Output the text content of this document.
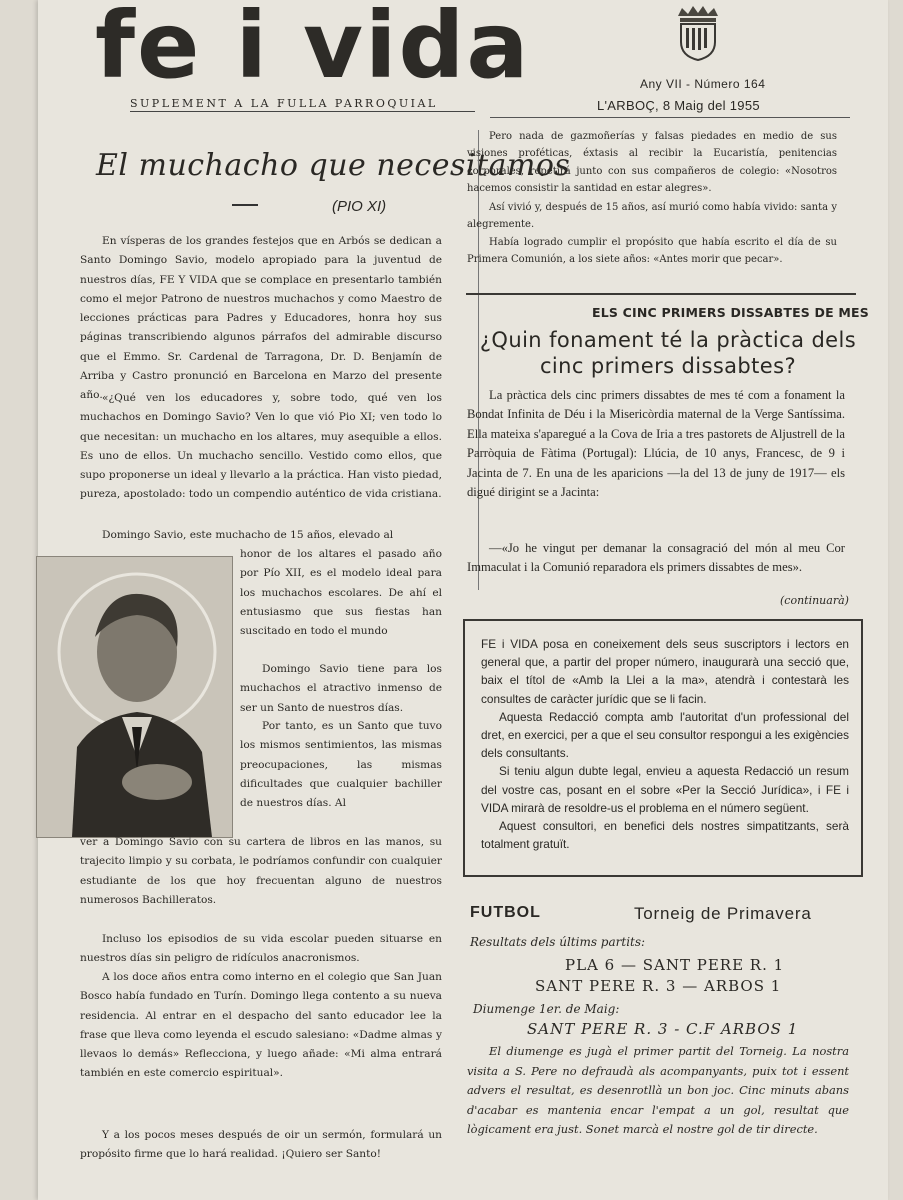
fe i vida
SUPLEMENT A LA FULLA PARROQUIAL
Any VII - Número 164
L'ARBOÇ, 8 Maig del 1955
El muchacho que necesitamos
(PIO XI)

En vísperas de los grandes festejos que en Arbós se dedican a Santo Domingo Savio, modelo apropiado para la juventud de nuestros días, FE Y VIDA que se complace en presentarlo también como el mejor Patrono de nuestros muchachos y como Maestro de lecciones prácticas para Padres y Educadores, honra hoy sus páginas transcribiendo algunos párrafos del admirable discurso que el Emmo. Sr. Cardenal de Tarragona, Dr. D. Benjamín de Arriba y Castro pronunció en Barcelona en Marzo del presente año. «¿Qué ven los educadores y, sobre todo, qué ven los muchachos en Domingo Savio? Ven lo que vió Pio XI; ven todo lo que necesitan: un muchacho en los altares, muy asequible a ellos. Es uno de ellos. Un muchacho sencillo. Vestido como ellos, que supo proponerse un ideal y llevarlo a la práctica. Han visto piedad, pureza, apostolado: todo un compendio auténtico de vida cristiana.

Domingo Savio, este muchacho de 15 años, elevado al

honor de los altares el pasado año por Pío XII, es el modelo ideal para los muchachos escolares. De ahí el entusiasmo que sus fiestas han suscitado en todo el mundo

Domingo Savio tiene para los muchachos el atractivo inmenso de ser un Santo de nuestros días.

Por tanto, es un Santo que tuvo los mismos sentimientos, las mismas preocupaciones, las mismas dificultades que cualquier bachiller de nuestros días. Al

ver a Domingo Savio con su cartera de libros en las manos, su trajecito limpio y su corbata, le podríamos confundir con cualquier estudiante de los que hoy frecuentan alguno de nuestros numerosos Bachilleratos.

Incluso los episodios de su vida escolar pueden situarse en nuestros días sin peligro de ridículos anacronismos.

A los doce años entra como interno en el colegio que San Juan Bosco había fundado en Turín. Domingo llega contento a su nueva residencia. Al entrar en el despacho del santo educador lee la frase que lleva como leyenda el escudo salesiano: «Dadme almas y llevaos lo demás» Reflecciona, y luego añade: «Mi alma entrará también en este comercio espiritual».

Y a los pocos meses después de oir un sermón, formulará un propósito firme que lo hará realidad. ¡Quiero ser Santo!

Pero nada de gazmoñerías y falsas piedades en medio de sus visiones proféticas, éxtasis al recibir la Eucaristía, penitencias corporales, repetirá junto con sus compañeros de colegio: «Nosotros hacemos consistir la santidad en estar alegres».

Así vivió y, después de 15 años, así murió como había vivido: santa y alegremente.

Había logrado cumplir el propósito que había escrito el día de su Primera Comunión, a los siete años: «Antes morir que pecar».

ELS CINC PRIMERS DISSABTES DE MES
¿Quin fonament té la pràctica dels cinc primers dissabtes?

La pràctica dels cinc primers dissabtes de mes té com a fonament la Bondat Infinita de Déu i la Misericòrdia maternal de la Verge Santíssima. Ella mateixa s'aparegué a la Cova de Iria a tres pastorets de Aljustrell de la Parròquia de Fàtima (Portugal): Llúcia, de 10 anys, Francesc, de 9 i Jacinta de 7. En una de les aparicions —la del 13 de juny de 1917— els digué dirigint se a Jacinta:

—«Jo he vingut per demanar la consagració del món al meu Cor Immaculat i la Comunió reparadora els primers dissabtes de mes».

(continuarà)

FE i VIDA posa en coneixement dels seus suscriptors i lectors en general que, a partir del proper número, inaugurarà una secció que, baix el títol de «Amb la Llei a la ma», atendrà i contestarà les consultes de caràcter jurídic que se li facin.

Aquesta Redacció compta amb l'autoritat d'un professional del dret, en exercici, per a que el seu consultor respongui a les exigències dels consultants.

Si teniu algun dubte legal, envieu a aquesta Redacció un resum del vostre cas, posant en el sobre «Per la Secció Jurídica», i FE i VIDA mirarà de resoldre-us el problema en el número següent.

Aquest consultori, en benefici dels nostres simpatitzants, serà totalment gratuït.

FUTBOL	Torneig de Primavera
Resultats dels últims partits:
PLA 6 — SANT PERE R. 1
SANT PERE R. 3 — ARBOS 1
Diumenge 1er. de Maig:
SANT PERE R. 3 - C.F ARBOS 1

El diumenge es jugà el primer partit del Torneig. La nostra visita a S. Pere no defraudà als acompanyants, puix tot i essent advers el resultat, es desenrotllà un bon joc. Cinc minuts abans d'acabar es mantenia encar l'empat a un gol, resultat que lògicament era just. Sonet marcà el nostre gol de tir directe.
